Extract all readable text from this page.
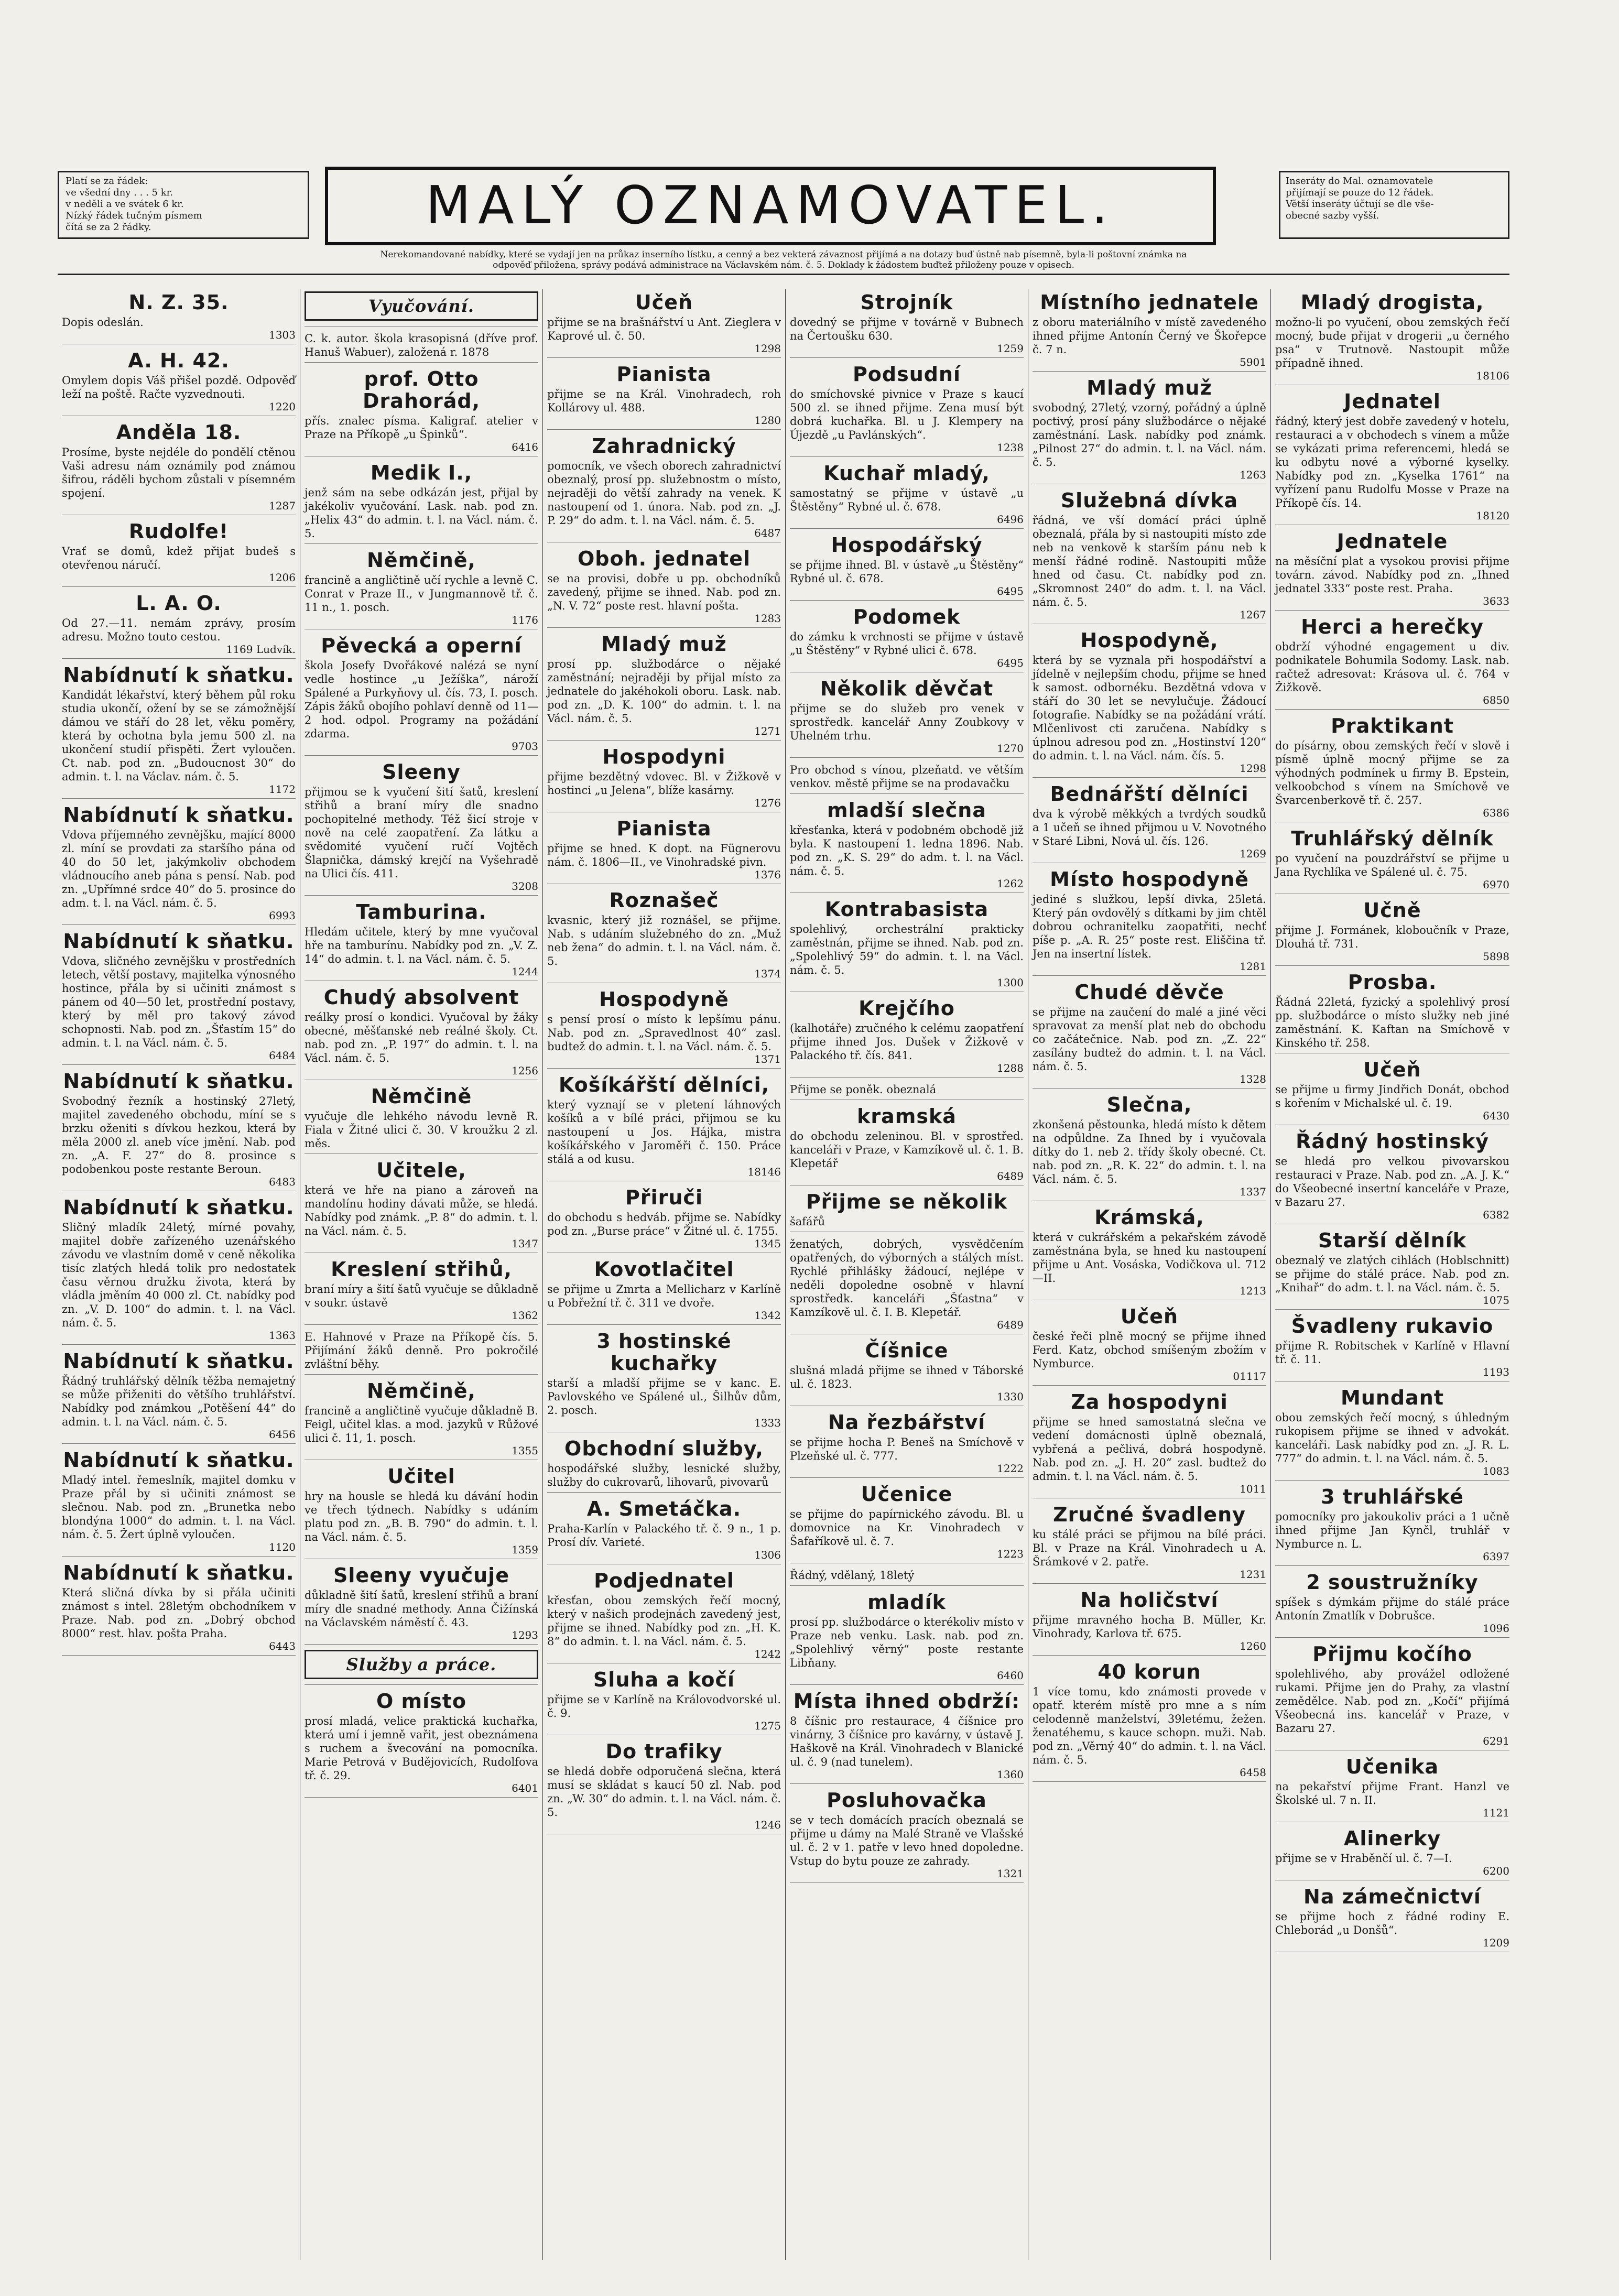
Platí se za řádek:
ve všední dny . . . 5 kr.
v neděli a ve svátek 6 kr.
Nízký řádek tučným písmem
čítá se za 2 řádky.	MALÝ OZNAMOVATEL.	Inseráty do Mal. oznamovatele
přijímají se pouze do 12 řádek.
Větší inseráty účtují se dle vše-
obecné sazby vyšší.
Nerekomandované nabídky, které se vydají jen na průkaz inserního lístku, a cenný a bez vekterá závaznost přijímá a na dotazy buď ústně nab písemně, byla-li poštovní známka na
odpověď přiložena, správy podává administrace na Václavském nám. č. 5. Doklady k žádostem buďtež přiloženy pouze v opisech.
N. Z. 35.

Dopis odeslán.

1303
A. H. 42.

Omylem dopis Váš přišel pozdě. Odpověď leží na poště. Račte vyzvednouti.

1220
Anděla 18.

Prosíme, byste nejdéle do pondělí ctěnou Vaši adresu nám oznámily pod známou šifrou, ráděli bychom zůstali v písemném spojení.

1287
Rudolfe!

Vrať se domů, kdež přijat budeš s otevřenou náručí.

1206
L. A. O.

Od 27.—11. nemám zprávy, prosím adresu. Možno touto cestou.

1169 Ludvík.
Nabídnutí k sňatku.

Kandidát lékařství, který během půl roku studia ukončí, ožení by se se zámožnější dámou ve stáří do 28 let, věku poměry, která by ochotna byla jemu 500 zl. na ukončení studií přispěti. Žert vyloučen. Ct. nab. pod zn. „Budoucnost 30“ do admin. t. l. na Václav. nám. č. 5.

1172
Nabídnutí k sňatku.

Vdova příjemného zevnějšku, mající 8000 zl. míní se provdati za staršího pána od 40 do 50 let, jakýmkoliv obchodem vládnoucího aneb pána s pensí. Nab. pod zn. „Upřímné srdce 40“ do 5. prosince do adm. t. l. na Václ. nám. č. 5.

6993
Nabídnutí k sňatku.

Vdova, sličného zevnějšku v prostředních letech, větší postavy, majitelka výnosného hostince, přála by si učiniti známost s pánem od 40—50 let, prostřední postavy, který by měl pro takový závod schopnosti. Nab. pod zn. „Šťastím 15“ do admin. t. l. na Václ. nám. č. 5.

6484
Nabídnutí k sňatku.

Svobodný řezník a hostinský 27letý, majitel zavedeného obchodu, míní se s brzku oženiti s dívkou hezkou, která by měla 2000 zl. aneb více jmění. Nab. pod zn. „A. F. 27“ do 8. prosince s podobenkou poste restante Beroun.

6483
Nabídnutí k sňatku.

Sličný mladík 24letý, mírné povahy, majitel dobře zařízeného uzenářského závodu ve vlastním domě v ceně několika tisíc zlatých hledá tolik pro nedostatek času věrnou družku života, která by vládla jměním 40 000 zl. Ct. nabídky pod zn. „V. D. 100“ do admin. t. l. na Václ. nám. č. 5.

1363
Nabídnutí k sňatku.

Řádný truhlářský dělník těžba nemajetný se může přiženiti do většího truhlářství. Nabídky pod známkou „Potěšení 44“ do admin. t. l. na Václ. nám. č. 5.

6456
Nabídnutí k sňatku.

Mladý intel. řemeslník, majitel domku v Praze přál by si učiniti známost se slečnou. Nab. pod zn. „Brunetka nebo blondýna 1000“ do admin. t. l. na Václ. nám. č. 5. Žert úplně vyloučen.

1120
Nabídnutí k sňatku.

Která sličná dívka by si přála učiniti známost s intel. 28letým obchodníkem v Praze. Nab. pod zn. „Dobrý obchod 8000“ rest. hlav. pošta Praha.

6443
Vyučování.

C. k. autor. škola krasopisná (dříve prof. Hanuš Wabuer), založená r. 1878

prof. Otto Drahorád,

přís. znalec písma. Kaligraf. atelier v Praze na Příkopě „u Špinků“.

6416
Medik I.,

jenž sám na sebe odkázán jest, přijal by jakékoliv vyučování. Lask. nab. pod zn. „Helix 43“ do admin. t. l. na Václ. nám. č. 5.

Němčině,

francině a angličtině učí rychle a levně C. Conrat v Praze II., v Jungmannově tř. č. 11 n., 1. posch.

1176
Pěvecká a operní

škola Josefy Dvořákové nalézá se nyní vedle hostince „u Ježíška“, nároží Spálené a Purkyňovy ul. čís. 73, I. posch. Zápis žáků obojího pohlaví denně od 11—2 hod. odpol. Programy na požádání zdarma.

9703
Sleeny

přijmou se k vyučení šití šatů, kreslení střihů a braní míry dle snadno pochopitelné methody. Též šicí stroje v nově na celé zaopatření. Za látku a svědomité vyučení ručí Vojtěch Šlapnička, dámský krejčí na Vyšehradě na Ulici čís. 411.

3208
Tamburina.

Hledám učitele, který by mne vyučoval hře na tamburínu. Nabídky pod zn. „V. Z. 14“ do admin. t. l. na Václ. nám. č. 5.

1244
Chudý absolvent

reálky prosí o kondici. Vyučoval by žáky obecné, měšťanské neb reálné školy. Ct. nab. pod zn. „P. 197“ do admin. t. l. na Václ. nám. č. 5.

1256
Němčině

vyučuje dle lehkého návodu levně R. Fiala v Žitné ulici č. 30. V kroužku 2 zl. měs.

Učitele,

která ve hře na piano a zároveň na mandolínu hodiny dávati může, se hledá. Nabídky pod známk. „P. 8“ do admin. t. l. na Václ. nám. č. 5.

1347
Kreslení střihů,

braní míry a šití šatů vyučuje se důkladně v soukr. ústavě

1362

E. Hahnové v Praze na Příkopě čís. 5. Přijímání žáků denně. Pro pokročilé zvláštní běhy.

Němčině,

francině a angličtině vyučuje důkladně B. Feigl, učitel klas. a mod. jazyků v Růžové ulici č. 11, 1. posch.

1355
Učitel

hry na housle se hledá ku dávání hodin ve třech týdnech. Nabídky s udáním platu pod zn. „B. B. 790“ do admin. t. l. na Václ. nám. č. 5.

1359
Sleeny vyučuje

důkladně šití šatů, kreslení střihů a braní míry dle snadné methody. Anna Čižínská na Václavském náměstí č. 43.

1293
Služby a práce.
O místo

prosí mladá, velice praktická kuchařka, která umí i jemně vařit, jest obeznámena s ruchem a švecování na pomocníka. Marie Petrová v Budějovicích, Rudolfova tř. č. 29.

6401
Učeň

přijme se na brašnářství u Ant. Zieglera v Kaprové ul. č. 50.

1298
Pianista

přijme se na Král. Vinohradech, roh Kollárovy ul. 488.

1280
Zahradnický

pomocník, ve všech oborech zahradnictví obeznalý, prosí pp. služebnostm o místo, nejraději do větší zahrady na venek. K nastoupení od 1. února. Nab. pod zn. „J. P. 29“ do adm. t. l. na Václ. nám. č. 5.

6487
Oboh. jednatel

se na provisi, dobře u pp. obchodníků zavedený, přijme se ihned. Nab. pod zn. „N. V. 72“ poste rest. hlavní pošta.

1283
Mladý muž

prosí pp. službodárce o nějaké zaměstnání; nejraději by přijal místo za jednatele do jakéhokoli oboru. Lask. nab. pod zn. „D. K. 100“ do admin. t. l. na Václ. nám. č. 5.

1271
Hospodyni

přijme bezdětný vdovec. Bl. v Žižkově v hostinci „u Jelena“, blíže kasárny.

1276
Pianista

přijme se hned. K dopt. na Fügnerovu nám. č. 1806—II., ve Vinohradské pivn.

1376
Roznašeč

kvasnic, který již roznášel, se přijme. Nab. s udáním služebného do zn. „Muž neb žena“ do admin. t. l. na Václ. nám. č. 5.

1374
Hospodyně

s pensí prosí o místo k lepšímu pánu. Nab. pod zn. „Spravedlnost 40“ zasl. budtež do admin. t. l. na Václ. nám. č. 5.

1371
Košíkářští dělníci,

který vyznají se v pletení láhnových košíků a v bílé práci, přijmou se ku nastoupení u Jos. Hájka, mistra košíkářského v Jaroměři č. 150. Práce stálá a od kusu.

18146
Přiruči

do obchodu s hedváb. přijme se. Nabídky pod zn. „Burse práce“ v Žitné ul. č. 1755.

1345
Kovotlačitel

se přijme u Zmrta a Mellicharz v Karlíně u Pobřežní tř. č. 311 ve dvoře.

1342
3 hostinské kuchařky

starší a mladší přijme se v kanc. E. Pavlovského ve Spálené ul., Šilhův dům, 2. posch.

1333
Obchodní služby,

hospodářské služby, lesnické služby, služby do cukrovarů, lihovarů, pivovarů

A. Smetáčka.

Praha-Karlín v Palackého tř. č. 9 n., 1 p. Prosí dív. Varieté.

1306
Podjednatel

křesťan, obou zemských řečí mocný, který v našich prodejnách zavedený jest, přijme se ihned. Nabídky pod zn. „H. K. 8“ do admin. t. l. na Václ. nám. č. 5.

1242
Sluha a kočí

přijme se v Karlíně na Královodvorské ul. č. 9.

1275
Do trafiky

se hledá dobře odporučená slečna, která musí se skládat s kaucí 50 zl. Nab. pod zn. „W. 30“ do admin. t. l. na Václ. nám. č. 5.

1246
Strojník

dovedný se přijme v továrně v Bubnech na Čertoušku 630.

1259
Podsudní

do smíchovské pivnice v Praze s kaucí 500 zl. se ihned přijme. Zena musí být dobrá kuchařka. Bl. u J. Klempery na Újezdě „u Pavlánských“.

1238
Kuchař mladý,

samostatný se přijme v ústavě „u Štěstěny“ Rybné ul. č. 678.

6496
Hospodářský

se přijme ihned. Bl. v ústavě „u Štěstěny“ Rybné ul. č. 678.

6495
Podomek

do zámku k vrchnosti se přijme v ústavě „u Štěstěny“ v Rybné ulici č. 678.

6495
Několik děvčat

přijme se do služeb pro venek v sprostředk. kancelář Anny Zoubkovy v Uhelném trhu.

1270

Pro obchod s vínou, plzeňatd. ve větším venkov. městě přijme se na prodavačku

mladší slečna

křesťanka, která v podobném obchodě již byla. K nastoupení 1. ledna 1896. Nab. pod zn. „K. S. 29“ do adm. t. l. na Václ. nám. č. 5.

1262
Kontrabasista

spolehlivý, orchestrální prakticky zaměstnán, přijme se ihned. Nab. pod zn. „Spolehlivý 59“ do admin. t. l. na Václ. nám. č. 5.

1300
Krejčího

(kalhotáře) zručného k celému zaopatření přijme ihned Jos. Dušek v Žižkově v Palackého tř. čís. 841.

1288

Přijme se poněk. obeznalá

kramská

do obchodu zeleninou. Bl. v sprostřed. kanceláři v Praze, v Kamzíkově ul. č. 1. B. Klepetář

6489
Přijme se několik

šafářů

ženatých, dobrých, vysvědčením opatřených, do výborných a stálých míst. Rychlé přihlášky žádoucí, nejlépe v neděli dopoledne osobně v hlavní sprostředk. kanceláři „Šťastna“ v Kamzíkově ul. č. I. B. Klepetář.

6489
Číšnice

slušná mladá přijme se ihned v Táborské ul. č. 1823.

1330
Na řezbářství

se přijme hocha P. Beneš na Smíchově v Plzeňské ul. č. 777.

1222
Učenice

se přijme do papírnického závodu. Bl. u domovnice na Kr. Vinohradech v Šafaříkově ul. č. 7.

1223

Řádný, vdělaný, 18letý

mladík

prosí pp. službodárce o kterékoliv místo v Praze neb venku. Lask. nab. pod zn. „Spolehlivý věrný“ poste restante Libňany.

6460
Místa ihned obdrží:

8 číšnic pro restaurace, 4 číšnice pro vinárny, 3 číšnice pro kavárny, v ústavě J. Haškově na Král. Vinohradech v Blanické ul. č. 9 (nad tunelem).

1360
Posluhovačka

se v tech domácích pracích obeznalá se přijme u dámy na Malé Straně ve Vlašské ul. č. 2 v 1. patře v levo hned dopoledne. Vstup do bytu pouze ze zahrady.

1321
Místního jednatele

z oboru materiálního v místě zavedeného ihned přijme Antonín Černý ve Škořepce č. 7 n.

5901
Mladý muž

svobodný, 27letý, vzorný, pořádný a úplně poctivý, prosí pány službodárce o nějaké zaměstnání. Lask. nabídky pod známk. „Pilnost 27“ do admin. t. l. na Václ. nám. č. 5.

1263
Služebná dívka

řádná, ve vší domácí práci úplně obeznalá, přála by si nastoupiti místo zde neb na venkově k starším pánu neb k menší řádné rodině. Nastoupiti může hned od času. Ct. nabídky pod zn. „Skromnost 240“ do adm. t. l. na Václ. nám. č. 5.

1267
Hospodyně,

která by se vyznala při hospodářství a jídelně v nejlepším chodu, přijme se hned k samost. odbornéku. Bezdětná vdova v stáří do 30 let se nevylučuje. Žádoucí fotografie. Nabídky se na požádání vrátí. Mlčenlivost cti zaručena. Nabídky s úplnou adresou pod zn. „Hostinství 120“ do admin. t. l. na Václ. nám. čís. 5.

1298
Bednářští dělníci

dva k výrobě měkkých a tvrdých soudků a 1 učeň se ihned přijmou u V. Novotného v Staré Libni, Nová ul. čís. 126.

1269
Místo hospodyně

jediné s služkou, lepší divka, 25letá. Který pán ovdovělý s dítkami by jim chtěl dobrou ochranitelku zaopatřiti, nechť píše p. „A. R. 25“ poste rest. Eliščina tř. Jen na insertní lístek.

1281
Chudé děvče

se přijme na zaučení do malé a jiné věci spravovat za menší plat neb do obchodu co začátečnice. Nab. pod zn. „Z. 22“ zasílány budtež do admin. t. l. na Václ. nám. č. 5.

1328
Slečna,

zkonšená pěstounka, hledá místo k dětem na odpůldne. Za Ihned by i vyučovala dítky do 1. neb 2. třídy školy obecné. Ct. nab. pod zn. „R. K. 22“ do admin. t. l. na Václ. nám. č. 5.

1337
Krámská,

která v cukrářském a pekařském závodě zaměstnána byla, se hned ku nastoupení přijme u Ant. Vosáska, Vodičkova ul. 712—II.

1213
Učeň

české řeči plně mocný se přijme ihned Ferd. Katz, obchod smíšeným zbožím v Nymburce.

01117
Za hospodyni

přijme se hned samostatná slečna ve vedení domácnosti úplně obeznalá, vybřená a pečlivá, dobrá hospodyně. Nab. pod zn. „J. H. 20“ zasl. budtež do admin. t. l. na Václ. nám. č. 5.

1011
Zručné švadleny

ku stálé práci se přijmou na bílé práci. Bl. v Praze na Král. Vinohradech u A. Šrámkové v 2. patře.

1231
Na holičství

přijme mravného hocha B. Müller, Kr. Vinohrady, Karlova tř. 675.

1260
40 korun

1 více tomu, kdo známosti provede v opatř. kterém místě pro mne a s ním celodenně manželství, 39letému, žežen. ženatéhemu, s kauce schopn. muži. Nab. pod zn. „Věrný 40“ do admin. t. l. na Václ. nám. č. 5.

6458
Mladý drogista,

možno-li po vyučení, obou zemských řečí mocný, bude přijat v drogerii „u černého psa“ v Trutnově. Nastoupit může případně ihned.

18106
Jednatel

řádný, který jest dobře zavedený v hotelu, restauraci a v obchodech s vínem a může se vykázati prima referencemi, hledá se ku odbytu nové a výborné kyselky. Nabídky pod zn. „Kyselka 1761“ na vyřízení panu Rudolfu Mosse v Praze na Příkopě čís. 14.

18120
Jednatele

na měsíční plat a vysokou provisi přijme továrn. závod. Nabídky pod zn. „Ihned jednatel 333“ poste rest. Praha.

3633
Herci a herečky

obdrží výhodné engagement u div. podnikatele Bohumila Sodomy. Lask. nab. račtež adresovat: Krásova ul. č. 764 v Žižkově.

6850
Praktikant

do písárny, obou zemských řečí v slově i písmě úplně mocný přijme se za výhodných podmínek u firmy B. Epstein, velkoobchod s vínem na Smíchově ve Švarcenberkově tř. č. 257.

6386
Truhlářský dělník

po vyučení na pouzdrářství se přijme u Jana Rychlíka ve Spálené ul. č. 75.

6970
Učně

přijme J. Formánek, kloboučník v Praze, Dlouhá tř. 731.

5898
Prosba.

Řádná 22letá, fyzický a spolehlivý prosí pp. službodárce o místo služky neb jiné zaměstnání. K. Kaftan na Smíchově v Kinského tř. 258.

Učeň

se přijme u firmy Jindřich Donát, obchod s kořením v Michalské ul. č. 19.

6430
Řádný hostinský

se hledá pro velkou pivovarskou restauraci v Praze. Nab. pod zn. „A. J. K.“ do Všeobecné insertní kanceláře v Praze, v Bazaru 27.

6382
Starší dělník

obeznalý ve zlatých cihlách (Hoblschnitt) se přijme do stálé práce. Nab. pod zn. „Knihař“ do adm. t. l. na Václ. nám. č. 5.

1075
Švadleny rukavio

přijme R. Robitschek v Karlíně v Hlavní tř. č. 11.

1193
Mundant

obou zemských řečí mocný, s úhledným rukopisem přijme se ihned v advokát. kanceláři. Lask nabídky pod zn. „J. R. L. 777“ do admin. t. l. na Václ. nám. č. 5.

1083
3 truhlářské

pomocníky pro jakoukoliv práci a 1 učně ihned přijme Jan Kynčl, truhlář v Nymburce n. L.

6397
2 soustružníky

spíšek s dýmkám přijme do stálé práce Antonín Zmatlík v Dobrušce.

1096
Přijmu kočího

spolehlivého, aby provážel odložené rukami. Přijme jen do Prahy, za vlastní zemědělce. Nab. pod zn. „Kočí“ přijímá Všeobecná ins. kancelář v Praze, v Bazaru 27.

6291
Učenika

na pekařství přijme Frant. Hanzl ve Školské ul. 7 n. II.

1121
Alinerky

přijme se v Hraběnčí ul. č. 7—I.

6200
Na zámečnictví

se přijme hoch z řádné rodiny E. Chleborád „u Donšů“.

1209
